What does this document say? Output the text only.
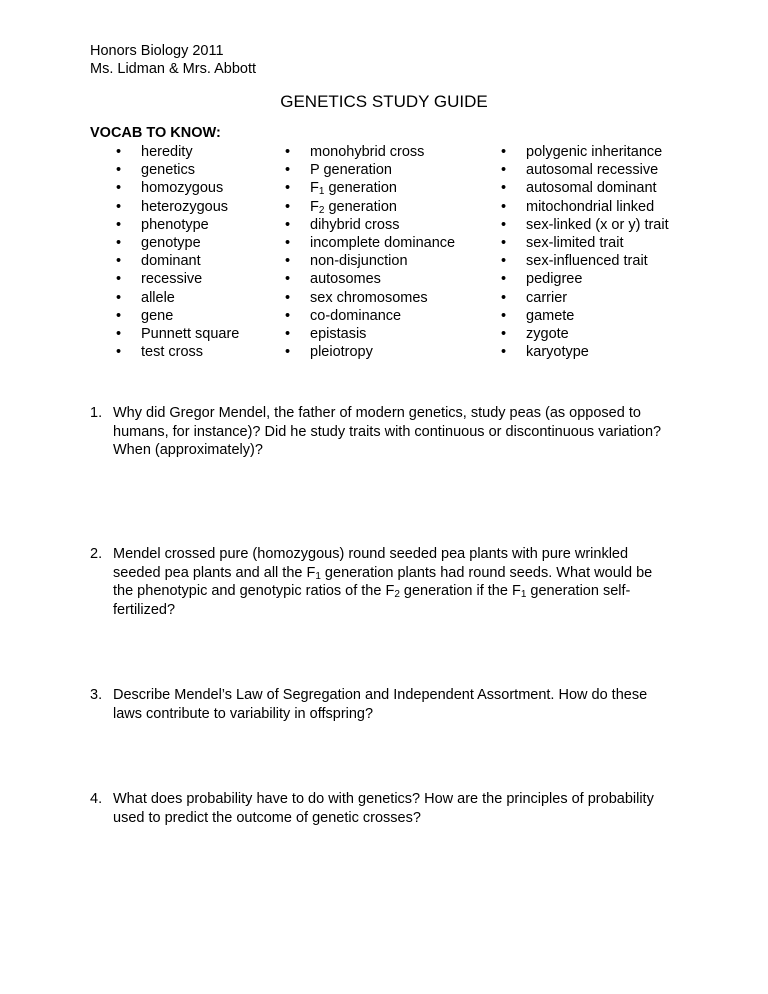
Honors Biology 2011
Ms. Lidman & Mrs. Abbott
GENETICS STUDY GUIDE
VOCAB TO KNOW:
• heredity
• genetics
• homozygous
• heterozygous
• phenotype
• genotype
• dominant
• recessive
• allele
• gene
• Punnett square
• test cross
• monohybrid cross
• P generation
• $F_1$ generation
• $F_2$ generation
• dihybrid cross
• incomplete dominance
• non-disjunction
• autosomes
• sex chromosomes
• co-dominance
• epistasis
• pleiotropy
• polygenic inheritance
• autosomal recessive
• autosomal dominant
• mitochondrial linked
• sex-linked (x or y) trait
• sex-limited trait
• sex-influenced trait
• pedigree
• carrier
• gamete
• zygote
• karyotype
1. Why did Gregor Mendel, the father of modern genetics, study peas (as opposed to
humans, for instance)? Did he study traits with continuous or discontinuous variation?
When (approximately)?
2. Mendel crossed pure (homozygous) round seeded pea plants with pure wrinkled
seeded pea plants and all the $F_1$ generation plants had round seeds. What would be
the phenotypic and genotypic ratios of the $F_2$ generation if the $F_1$ generation self-
fertilized?
3. Describe Mendel’s Law of Segregation and Independent Assortment. How do these
laws contribute to variability in offspring?
4. What does probability have to do with genetics? How are the principles of probability
used to predict the outcome of genetic crosses?
